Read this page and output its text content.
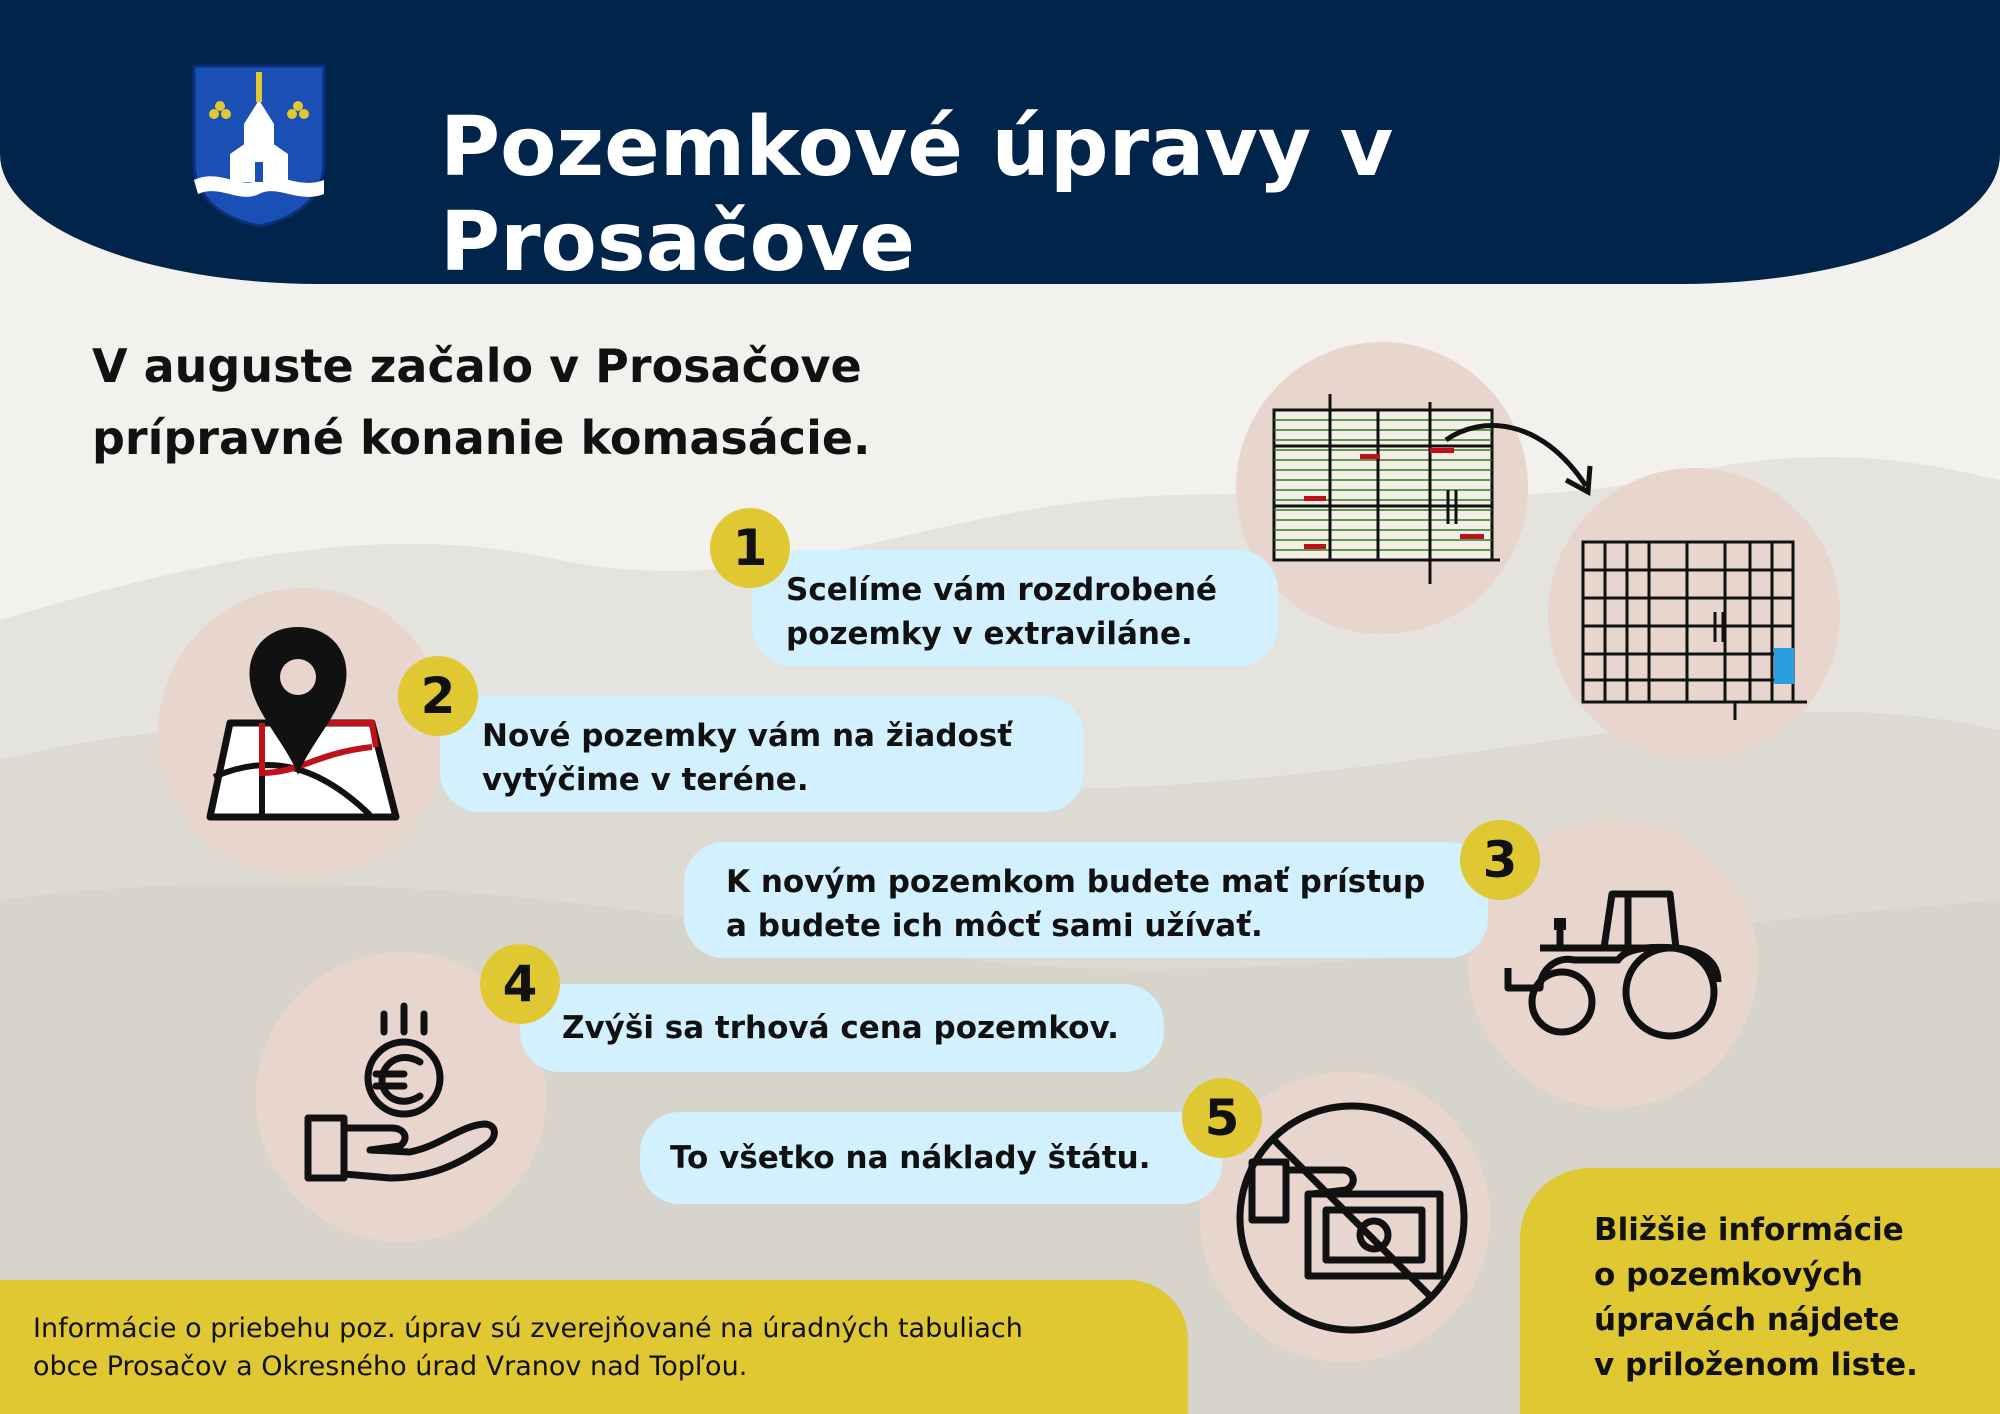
Pozemkové úpravy v Prosačove
V auguste začalo v Prosačove
prípravné konanie komasácie.
Scelíme vám rozdrobené
pozemky v extraviláne.
1
Nové pozemky vám na žiadosť
vytýčime v teréne.
2
K novým pozemkom budete mať prístup
a budete ich môcť sami užívať.
3
Zvýši sa trhová cena pozemkov.
4
To všetko na náklady štátu.
5
Informácie o priebehu poz. úprav sú zverejňované na úradných tabuliach
obce Prosačov a Okresného úrad Vranov nad Topľou.
Bližšie informácie
o pozemkových
úpravách nájdete
v priloženom liste.
